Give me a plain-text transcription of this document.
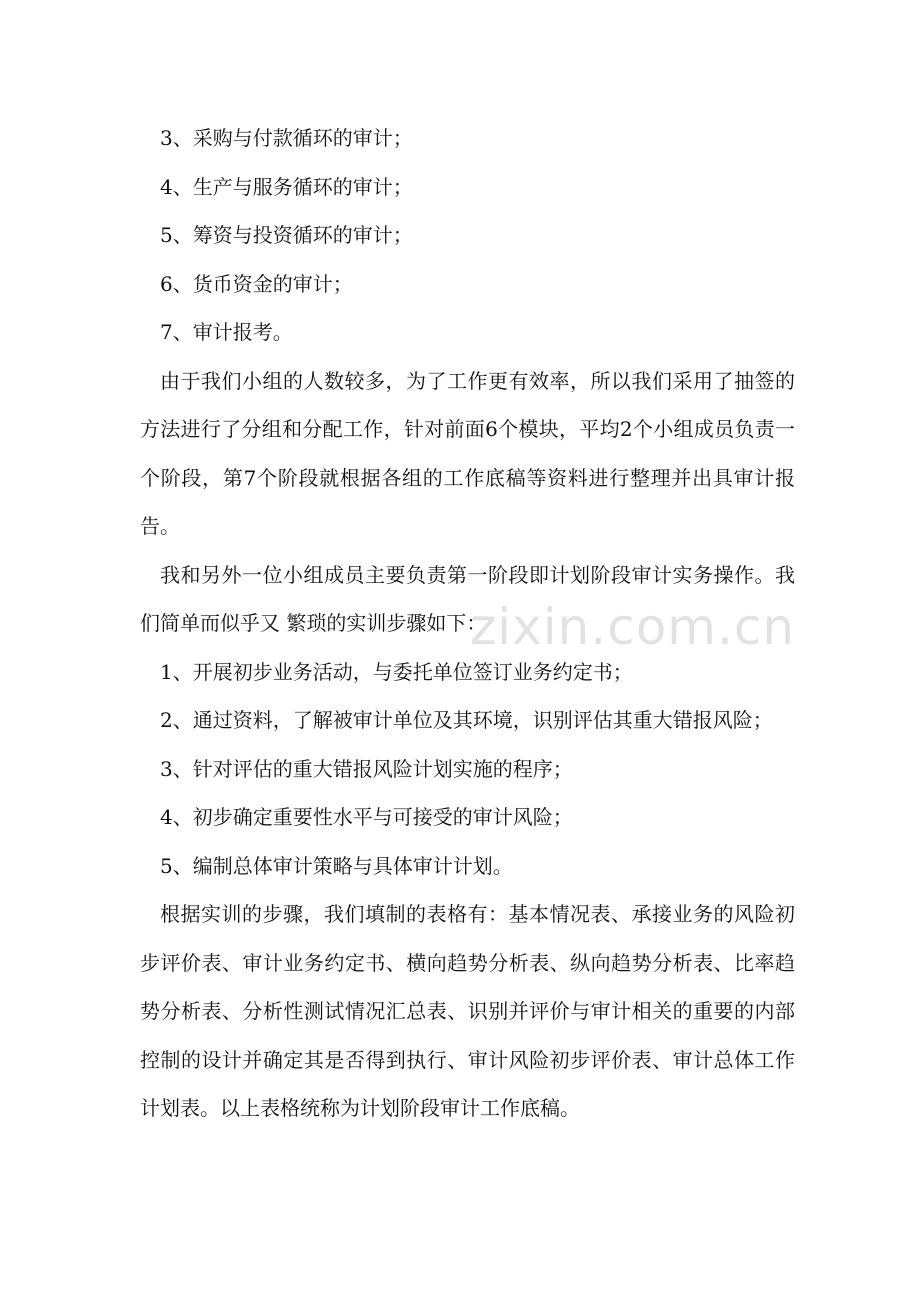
3、采购与付款循环的审计；

4、生产与服务循环的审计；

5、筹资与投资循环的审计；

6、货币资金的审计；

7、审计报考。

由于我们小组的人数较多，为了工作更有效率，所以我们采用了抽签的方法进行了分组和分配工作，针对前面6个模块，平均2个小组成员负责一个阶段，第7个阶段就根据各组的工作底稿等资料进行整理并出具审计报告。

我和另外一位小组成员主要负责第一阶段即计划阶段审计实务操作。我们简单而似乎又 繁琐的实训步骤如下：

1、开展初步业务活动，与委托单位签订业务约定书；

2、通过资料，了解被审计单位及其环境，识别评估其重大错报风险；

3、针对评估的重大错报风险计划实施的程序；

4、初步确定重要性水平与可接受的审计风险；

5、编制总体审计策略与具体审计计划。

根据实训的步骤，我们填制的表格有：基本情况表、承接业务的风险初步评价表、审计业务约定书、横向趋势分析表、纵向趋势分析表、比率趋势分析表、分析性测试情况汇总表、识别并评价与审计相关的重要的内部控制的设计并确定其是否得到执行、审计风险初步评价表、审计总体工作计划表。以上表格统称为计划阶段审计工作底稿。

zixin.com.cn
